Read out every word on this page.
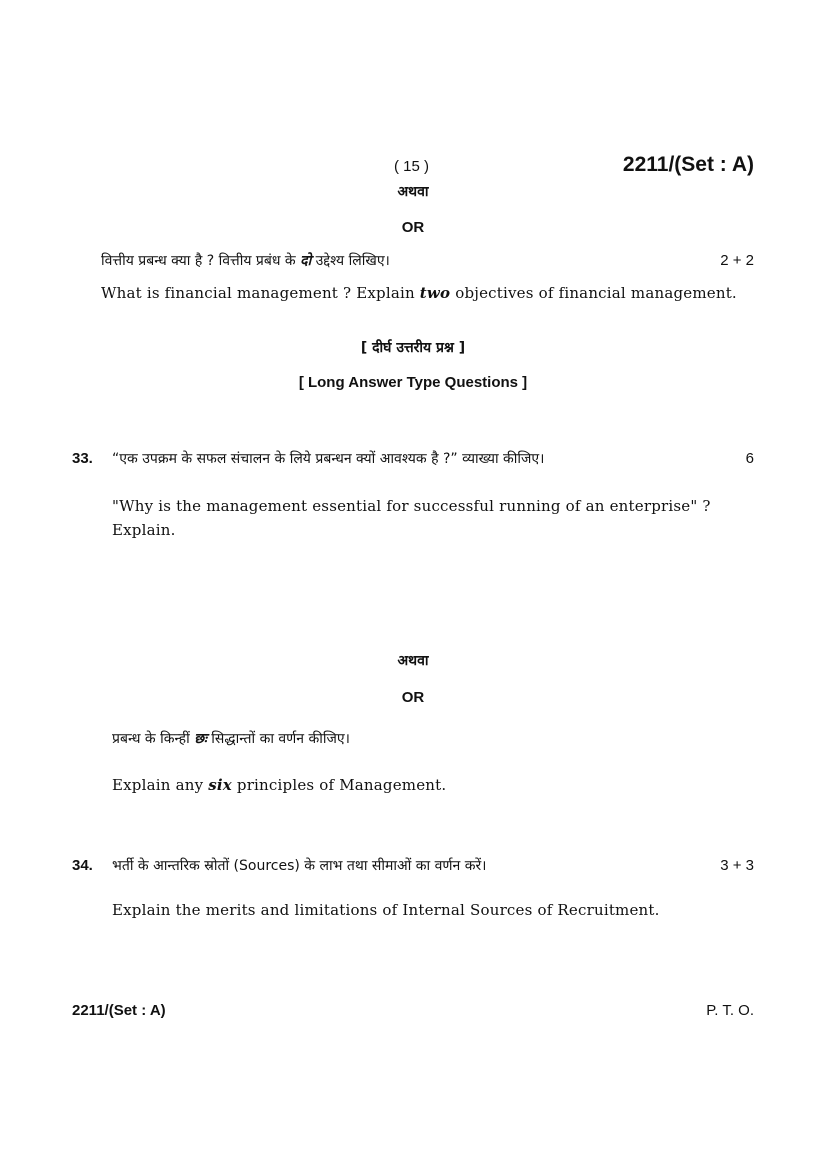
( 15 )	2211/(Set : A)
अथवा
OR
वित्तीय प्रबन्ध क्या है ? वित्तीय प्रबंध के दो उद्देश्य लिखिए।	2 + 2
What is financial management ? Explain two objectives of financial management.
[ दीर्घ उत्तरीय प्रश्न ]
[ Long Answer Type Questions ]
33. “एक उपक्रम के सफल संचालन के लिये प्रबन्धन क्यों आवश्यक है ?” व्याख्या कीजिए।	6
"Why is the management essential for successful running of an enterprise" ?
Explain.
अथवा
OR
प्रबन्ध के किन्हीं छः सिद्धान्तों का वर्णन कीजिए।
Explain any six principles of Management.
34. भर्ती के आन्तरिक स्रोतों (Sources) के लाभ तथा सीमाओं का वर्णन करें।	3 + 3
Explain the merits and limitations of Internal Sources of Recruitment.
2211/(Set : A)	P. T. O.
